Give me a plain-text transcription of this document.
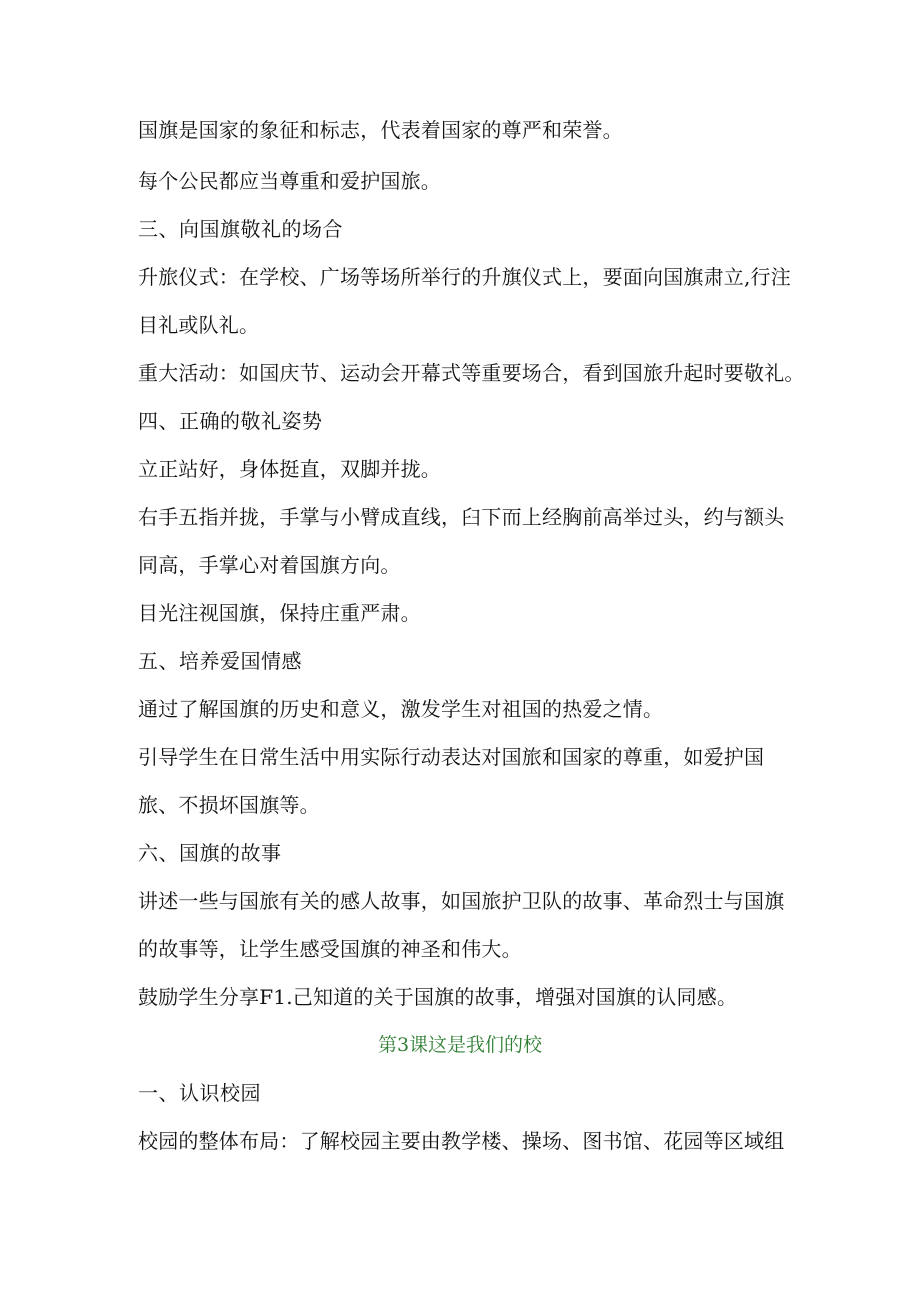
国旗是国家的象征和标志，代表着国家的尊严和荣誉。

每个公民都应当尊重和爱护国旅。

三、向国旗敬礼的场合

升旅仪式：在学校、广场等场所举行的升旗仪式上，要面向国旗肃立,行注

目礼或队礼。

重大活动：如国庆节、运动会开幕式等重要场合，看到国旅升起时要敬礼。

四、正确的敬礼姿势

立正站好，身体挺直，双脚并拢。

右手五指并拢，手掌与小臂成直线，臼下而上经胸前高举过头，约与额头

同高，手掌心对着国旗方向。

目光注视国旗，保持庄重严肃。

五、培养爱国情感

通过了解国旗的历史和意义，激发学生对祖国的热爱之情。

引导学生在日常生活中用实际行动表达对国旅和国家的尊重，如爱护国

旅、不损坏国旗等。

六、国旗的故事

讲述一些与国旅有关的感人故事，如国旅护卫队的故事、革命烈士与国旗

的故事等，让学生感受国旗的神圣和伟大。

鼓励学生分享F1.己知道的关于国旗的故事，增强对国旗的认同感。

第3课这是我们的校

一、认识校园

校园的整体布局：了解校园主要由教学楼、操场、图书馆、花园等区域组
